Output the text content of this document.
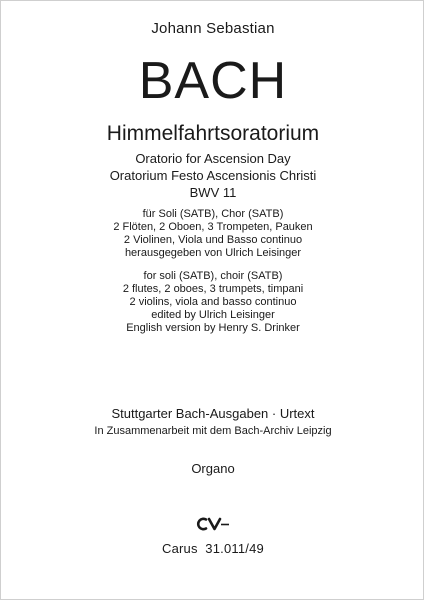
Johann Sebastian
BACH
Himmelfahrtsoratorium
Oratorio for Ascension Day
Oratorium Festo Ascensionis Christi
BWV 11
für Soli (SATB), Chor (SATB)
2 Flöten, 2 Oboen, 3 Trompeten, Pauken
2 Violinen, Viola und Basso continuo
herausgegeben von Ulrich Leisinger
for soli (SATB), choir (SATB)
2 flutes, 2 oboes, 3 trumpets, timpani
2 violins, viola and basso continuo
edited by Ulrich Leisinger
English version by Henry S. Drinker
Stuttgarter Bach-Ausgaben · Urtext
In Zusammenarbeit mit dem Bach-Archiv Leipzig
Organo
Carus  31.011/49
